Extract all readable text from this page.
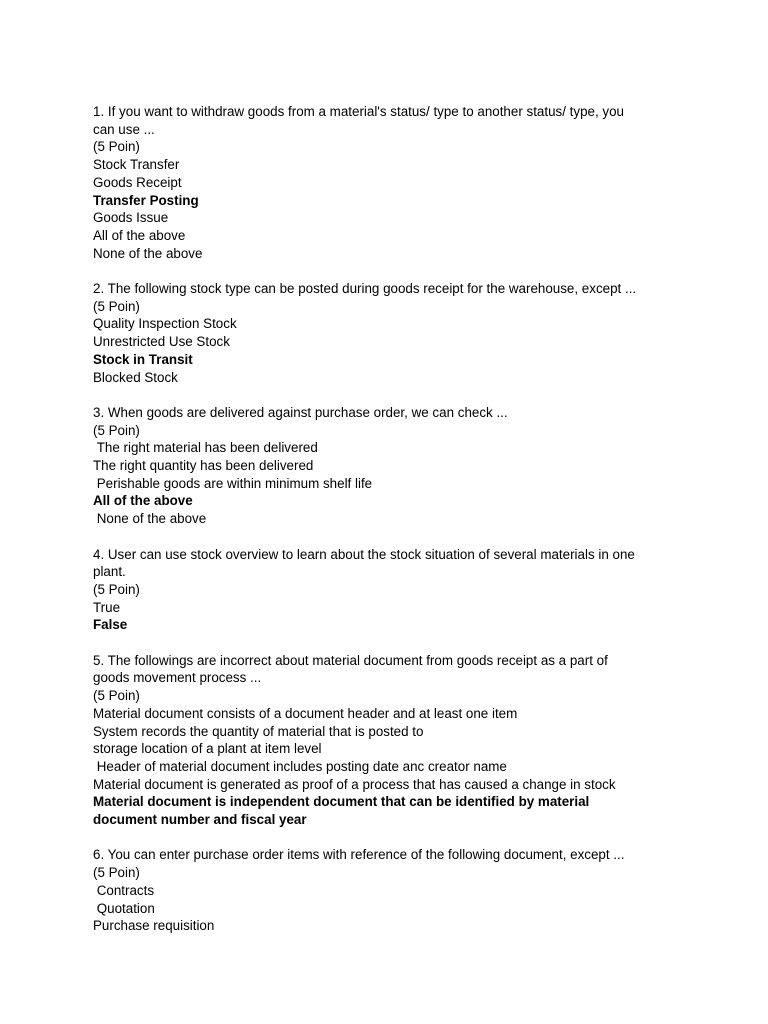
1. If you want to withdraw goods from a material's status/ type to another status/ type, you
can use ...
(5 Poin)
Stock Transfer
Goods Receipt
Transfer Posting
Goods Issue
All of the above
None of the above
2. The following stock type can be posted during goods receipt for the warehouse, except ...
(5 Poin)
Quality Inspection Stock
Unrestricted Use Stock
Stock in Transit
Blocked Stock
3. When goods are delivered against purchase order, we can check ...
(5 Poin)
The right material has been delivered
The right quantity has been delivered
Perishable goods are within minimum shelf life
All of the above
None of the above
4. User can use stock overview to learn about the stock situation of several materials in one
plant.
(5 Poin)
True
False
5. The followings are incorrect about material document from goods receipt as a part of
goods movement process ...
(5 Poin)
Material document consists of a document header and at least one item
System records the quantity of material that is posted to
storage location of a plant at item level
Header of material document includes posting date anc creator name
Material document is generated as proof of a process that has caused a change in stock
Material document is independent document that can be identified by material
document number and fiscal year
6. You can enter purchase order items with reference of the following document, except ...
(5 Poin)
Contracts
Quotation
Purchase requisition
